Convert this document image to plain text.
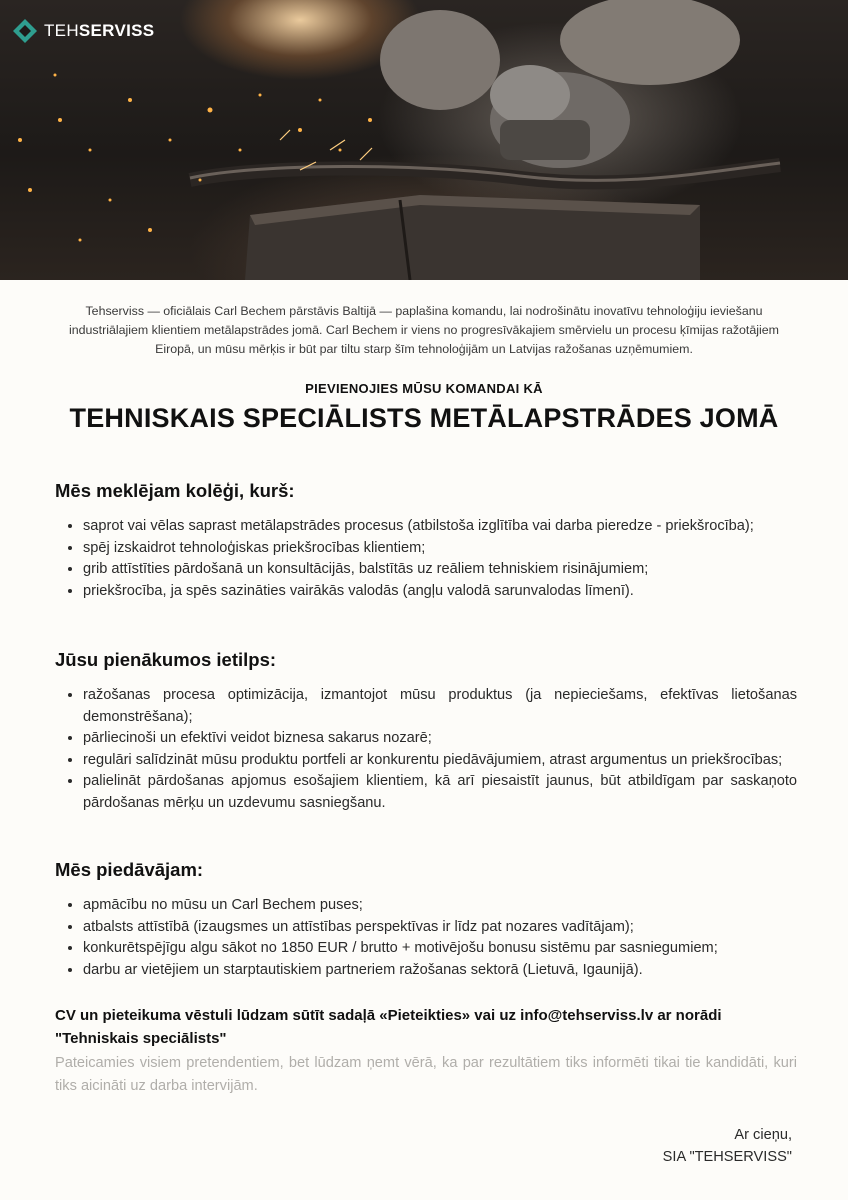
TEHSERVISS

Tehserviss — oficiālais Carl Bechem pārstāvis Baltijā — paplašina komandu, lai nodrošinātu inovatīvu tehnoloģiju ieviešanu industriālajiem klientiem metālapstrādes jomā. Carl Bechem ir viens no progresīvākajiem smērvielu un procesu ķīmijas ražotājiem Eiropā, un mūsu mērķis ir būt par tiltu starp šīm tehnoloģijām un Latvijas ražošanas uzņēmumiem.

PIEVIENOJIES MŪSU KOMANDAI KĀ
TEHNISKAIS SPECIĀLISTS METĀLAPSTRĀDES JOMĀ
Mēs meklējam kolēģi, kurš:
• saprot vai vēlas saprast metālapstrādes procesus (atbilstoša izglītība vai darba pieredze - priekšrocība);
• spēj izskaidrot tehnoloģiskas priekšrocības klientiem;
• grib attīstīties pārdošanā un konsultācijās, balstītās uz reāliem tehniskiem risinājumiem;
• priekšrocība, ja spēs sazināties vairākās valodās (angļu valodā sarunvalodas līmenī).
Jūsu pienākumos ietilps:
• ražošanas procesa optimizācija, izmantojot mūsu produktus (ja nepieciešams, efektīvas lietošanas demonstrēšana);
• pārliecinoši un efektīvi veidot biznesa sakarus nozarē;
• regulāri salīdzināt mūsu produktu portfeli ar konkurentu piedāvājumiem, atrast argumentus un priekšrocības;
• palielināt pārdošanas apjomus esošajiem klientiem, kā arī piesaistīt jaunus, būt atbildīgam par saskaņoto pārdošanas mērķu un uzdevumu sasniegšanu.
Mēs piedāvājam:
• apmācību no mūsu un Carl Bechem puses;
• atbalsts attīstībā (izaugsmes un attīstības perspektīvas ir līdz pat nozares vadītājam);
• konkurētspējīgu algu sākot no 1850 EUR / brutto + motivējošu bonusu sistēmu par sasniegumiem;
• darbu ar vietējiem un starptautiskiem partneriem ražošanas sektorā (Lietuvā, Igaunijā).
CV un pieteikuma vēstuli lūdzam sūtīt sadaļā «Pieteikties» vai uz info@tehserviss.lv ar norādi "Tehniskais speciālists"
Pateicamies visiem pretendentiem, bet lūdzam ņemt vērā, ka par rezultātiem tiks informēti tikai tie kandidāti, kuri tiks aicināti uz darba intervijām.
Ar cieņu,
SIA "TEHSERVISS"
